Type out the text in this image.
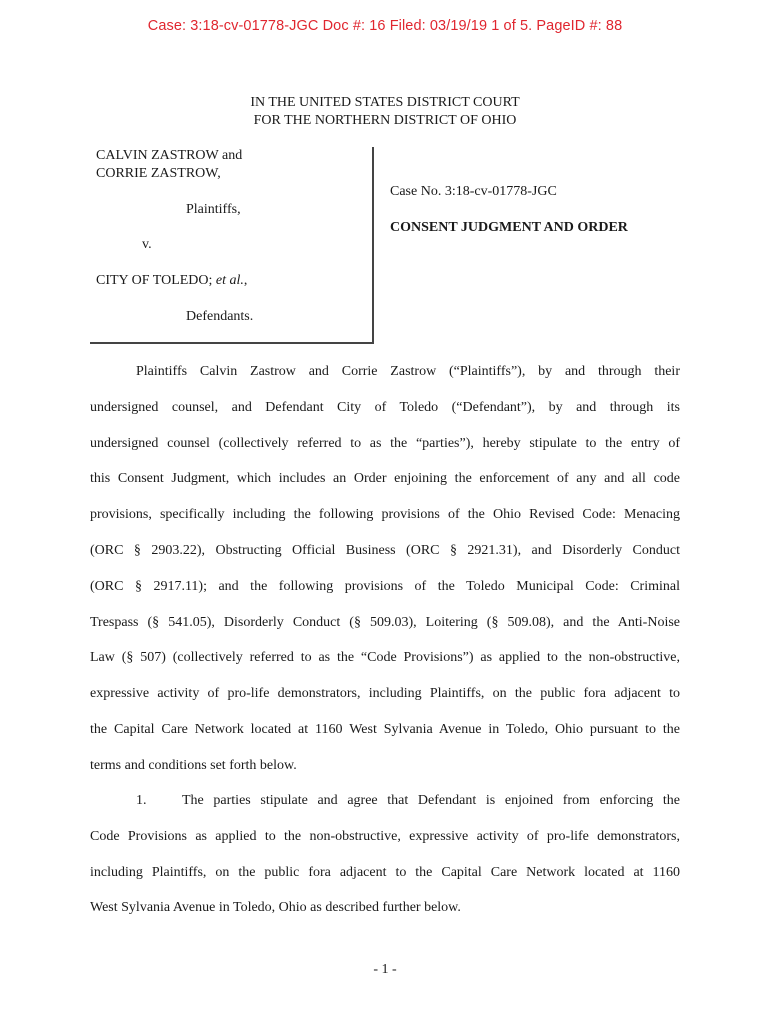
Case: 3:18-cv-01778-JGC Doc #: 16 Filed: 03/19/19 1 of 5. PageID #: 88
IN THE UNITED STATES DISTRICT COURT
FOR THE NORTHERN DISTRICT OF OHIO
CALVIN ZASTROW and
CORRIE ZASTROW,
Plaintiffs,
v.
CITY OF TOLEDO; et al.,
Defendants.
Case No. 3:18-cv-01778-JGC
CONSENT JUDGMENT AND ORDER
Plaintiffs Calvin Zastrow and Corrie Zastrow (“Plaintiffs”), by and through their
undersigned counsel, and Defendant City of Toledo (“Defendant”), by and through its
undersigned counsel (collectively referred to as the “parties”), hereby stipulate to the entry of
this Consent Judgment, which includes an Order enjoining the enforcement of any and all code
provisions, specifically including the following provisions of the Ohio Revised Code: Menacing
(ORC § 2903.22), Obstructing Official Business (ORC § 2921.31), and Disorderly Conduct
(ORC § 2917.11); and the following provisions of the Toledo Municipal Code: Criminal
Trespass (§ 541.05), Disorderly Conduct (§ 509.03), Loitering (§ 509.08), and the Anti-Noise
Law (§ 507) (collectively referred to as the “Code Provisions”) as applied to the non-obstructive,
expressive activity of pro-life demonstrators, including Plaintiffs, on the public fora adjacent to
the Capital Care Network located at 1160 West Sylvania Avenue in Toledo, Ohio pursuant to the
terms and conditions set forth below.
1.	The parties stipulate and agree that Defendant is enjoined from enforcing the
Code Provisions as applied to the non-obstructive, expressive activity of pro-life demonstrators,
including Plaintiffs, on the public fora adjacent to the Capital Care Network located at 1160
West Sylvania Avenue in Toledo, Ohio as described further below.
- 1 -
